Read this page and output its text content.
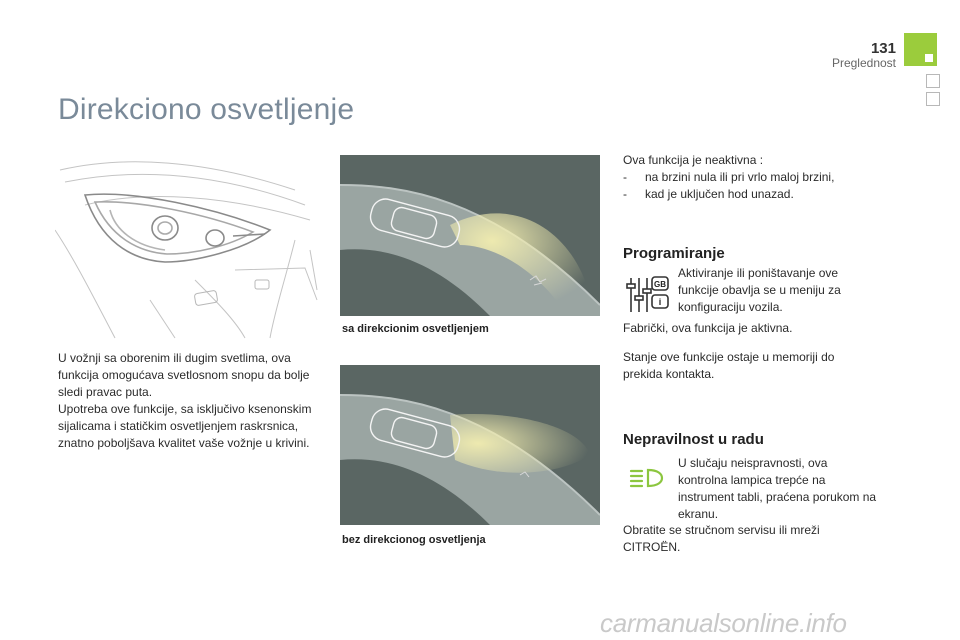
131
Preglednost
Direkciono osvetljenje
U vožnji sa oborenim ili dugim svetlima, ova funkcija omogućava svetlosnom snopu da bolje sledi pravac puta.
Upotreba ove funkcije, sa isključivo ksenonskim sijalicama i statičkim osvetljenjem raskrsnica, znatno poboljšava kvalitet vaše vožnje u krivini.
sa direkcionim osvetljenjem
bez direkcionog osvetljenja
Ova funkcija je neaktivna :
-	na brzini nula ili pri vrlo maloj brzini,
-	kad je uključen hod unazad.
Programiranje
GB
i
Aktiviranje ili poništavanje ove funkcije obavlja se u meniju za konfiguraciju vozila.
Fabrički, ova funkcija je aktivna.
Stanje ove funkcije ostaje u memoriji do prekida kontakta.
Nepravilnost u radu
U slučaju neispravnosti, ova kontrolna lampica trepće na instrument tabli, praćena porukom na ekranu.
Obratite se stručnom servisu ili mreži CITROËN.
carmanualsonline.info
